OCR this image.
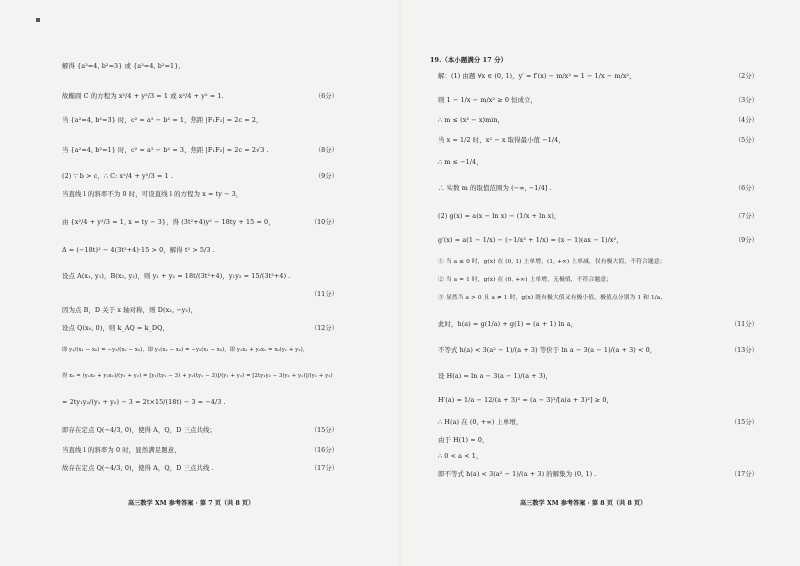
解得 {a²=4, b²=3} 或 {a²=4, b²=1},
故椭圆 C 的方程为 x²/4 + y²/3 = 1 或 x²/4 + y² = 1.
当 {a²=4, b²=3} 时，c² = a² − b² = 1，焦距 |F₁F₂| = 2c = 2，
当 {a²=4, b²=1} 时，c² = a² − b² = 3，焦距 |F₁F₂| = 2c = 2√3 .
(2) ∵ b > c，∴ C: x²/4 + y²/3 = 1 .
当直线 l 的斜率不为 0 时，可设直线 l 的方程为 x = ty − 3，
由 {x²/4 + y²/3 = 1, x = ty − 3}，得 (3t²+4)y² − 18ty + 15 = 0，
Δ = (−18t)² − 4(3t²+4)·15 > 0，解得 t² > 5/3 .
设点 A(x₁, y₁)，B(x₂, y₂)，则 y₁ + y₂ = 18t/(3t²+4)，y₁y₂ = 15/(3t²+4) .
因为点 B，D 关于 x 轴对称，则 D(x₂, −y₂)，
设点 Q(x₀, 0)，则 k_AQ = k_DQ，
即 y₁/(x₁ − x₀) = −y₂/(x₂ − x₀)，即 y₁(x₂ − x₀) = −y₂(x₁ − x₀)，即 y₁x₂ + y₂x₁ = x₀(y₁ + y₂)，
得 x₀ = (y₁x₂ + y₂x₁)/(y₁ + y₂) = [y₁(ty₂ − 3) + y₂(ty₁ − 3)]/(y₁ + y₂) = [2ty₁y₂ − 3(y₁ + y₂)]/(y₁ + y₂)
= 2ty₁y₂/(y₁ + y₂) − 3 = 2t×15/(18t) − 3 = −4/3 .
即存在定点 Q(−4/3, 0)，使得 A，Q，D 三点共线；
当直线 l 的斜率为 0 时，显然满足题意，
故存在定点 Q(−4/3, 0)，使得 A，Q，D 三点共线 .
（6分）
（8分）
（9分）
（10分）
（11分）
（12分）
（15分）
（16分）
（17分）
高三数学 XM 参考答案 · 第 7 页（共 8 页）
19.（本小题满分 17 分）
解：(1) 由题 ∀x ∈ (0, 1)，y′ = f′(x) − m/x² = 1 − 1/x − m/x²，
则 1 − 1/x − m/x² ≥ 0 恒成立，
∴ m ≤ (x² − x)min，
当 x = 1/2 时，x² − x 取得最小值 −1/4，
∴ m ≤ −1/4，
∴ 实数 m 的取值范围为 (−∞, −1/4] .
(2) g(x) = a(x − ln x) − (1/x + ln x)，
g′(x) = a(1 − 1/x) − (−1/x² + 1/x) = (x − 1)(ax − 1)/x²，
① 当 a ≤ 0 时，g(x) 在 (0, 1) 上单增，(1, +∞) 上单减，仅有极大值，不符合题意；
② 当 a = 1 时，g(x) 在 (0, +∞) 上单增，无极值，不符合题意；
③ 显然当 a > 0 且 a ≠ 1 时，g(x) 既有极大值又有极小值，极值点分别为 1 和 1/a，
此时，h(a) = g(1/a) + g(1) = (a + 1) ln a，
不等式 h(a) < 3(a² − 1)/(a + 3) 等价于 ln a − 3(a − 1)/(a + 3) < 0，
设 H(a) = ln a − 3(a − 1)/(a + 3)，
H′(a) = 1/a − 12/(a + 3)² = (a − 3)²/[a(a + 3)²] ≥ 0，
∴ H(a) 在 (0, +∞) 上单增，
由于 H(1) = 0，
∴ 0 < a < 1，
即不等式 h(a) < 3(a² − 1)/(a + 3) 的解集为 (0, 1) .
（2分）
（3分）
（4分）
（5分）
（6分）
（7分）
（9分）
（11分）
（13分）
（15分）
（17分）
高三数学 XM 参考答案 · 第 8 页（共 8 页）
